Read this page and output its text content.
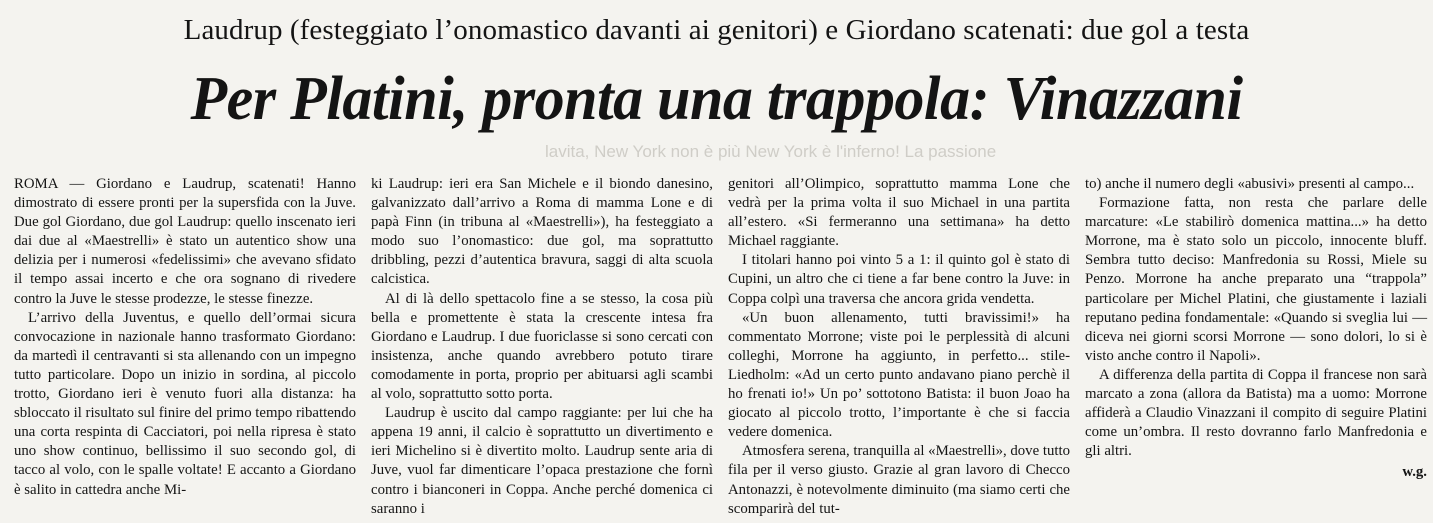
Laudrup (festeggiato l’onomastico davanti ai genitori) e Giordano scatenati: due gol a testa
Per Platini, pronta una trappola: Vinazzani
lavita, New York non è più New York è l'inferno! La passione

ROMA — Giordano e Laudrup, scatenati! Hanno dimostrato di essere pronti per la supersfida con la Juve. Due gol Giordano, due gol Laudrup: quello inscenato ieri dai due al «Maestrelli» è stato un autentico show una delizia per i numerosi «fedelissimi» che avevano sfidato il tempo assai incerto e che ora sognano di rivedere contro la Juve le stesse prodezze, le stesse finezze.

L’arrivo della Juventus, e quello dell’ormai sicura convocazione in nazionale hanno trasformato Giordano: da martedì il centravanti si sta allenando con un impegno tutto particolare. Dopo un inizio in sordina, al piccolo trotto, Giordano ieri è venuto fuori alla distanza: ha sbloccato il risultato sul finire del primo tempo ribattendo una corta respinta di Cacciatori, poi nella ripresa è stato uno show continuo, bellissimo il suo secondo gol, di tacco al volo, con le spalle voltate! E accanto a Giordano è salito in cattedra anche Mi-

ki Laudrup: ieri era San Michele e il biondo danesino, galvanizzato dall’arrivo a Roma di mamma Lone e di papà Finn (in tribuna al «Maestrelli»), ha festeggiato a modo suo l’onomastico: due gol, ma soprattutto dribbling, pezzi d’autentica bravura, saggi di alta scuola calcistica.

Al di là dello spettacolo fine a se stesso, la cosa più bella e promettente è stata la crescente intesa fra Giordano e Laudrup. I due fuoriclasse si sono cercati con insistenza, anche quando avrebbero potuto tirare comodamente in porta, proprio per abituarsi agli scambi al volo, soprattutto sotto porta.

Laudrup è uscito dal campo raggiante: per lui che ha appena 19 anni, il calcio è soprattutto un divertimento e ieri Michelino si è divertito molto. Laudrup sente aria di Juve, vuol far dimenticare l’opaca prestazione che fornì contro i bianconeri in Coppa. Anche perché domenica ci saranno i

genitori all’Olimpico, soprattutto mamma Lone che vedrà per la prima volta il suo Michael in una partita all’estero. «Si fermeranno una settimana» ha detto Michael raggiante.

I titolari hanno poi vinto 5 a 1: il quinto gol è stato di Cupini, un altro che ci tiene a far bene contro la Juve: in Coppa colpì una traversa che ancora grida vendetta.

«Un buon allenamento, tutti bravissimi!» ha commentato Morrone; viste poi le perplessità di alcuni colleghi, Morrone ha aggiunto, in perfetto... stile-Liedholm: «Ad un certo punto andavano piano perchè il ho frenati io!» Un po’ sottotono Batista: il buon Joao ha giocato al piccolo trotto, l’importante è che si faccia vedere domenica.

Atmosfera serena, tranquilla al «Maestrelli», dove tutto fila per il verso giusto. Grazie al gran lavoro di Checco Antonazzi, è notevolmente diminuito (ma siamo certi che scomparirà del tut-

to) anche il numero degli «abusivi» presenti al campo...

Formazione fatta, non resta che parlare delle marcature: «Le stabilirò domenica mattina...» ha detto Morrone, ma è stato solo un piccolo, innocente bluff. Sembra tutto deciso: Manfredonia su Rossi, Miele su Penzo. Morrone ha anche preparato una “trappola” particolare per Michel Platini, che giustamente i laziali reputano pedina fondamentale: «Quando si sveglia lui — diceva nei giorni scorsi Morrone — sono dolori, lo si è visto anche contro il Napoli».

A differenza della partita di Coppa il francese non sarà marcato a zona (allora da Batista) ma a uomo: Morrone affiderà a Claudio Vinazzani il compito di seguire Platini come un’ombra. Il resto dovranno farlo Manfredonia e gli altri.

w.g.
